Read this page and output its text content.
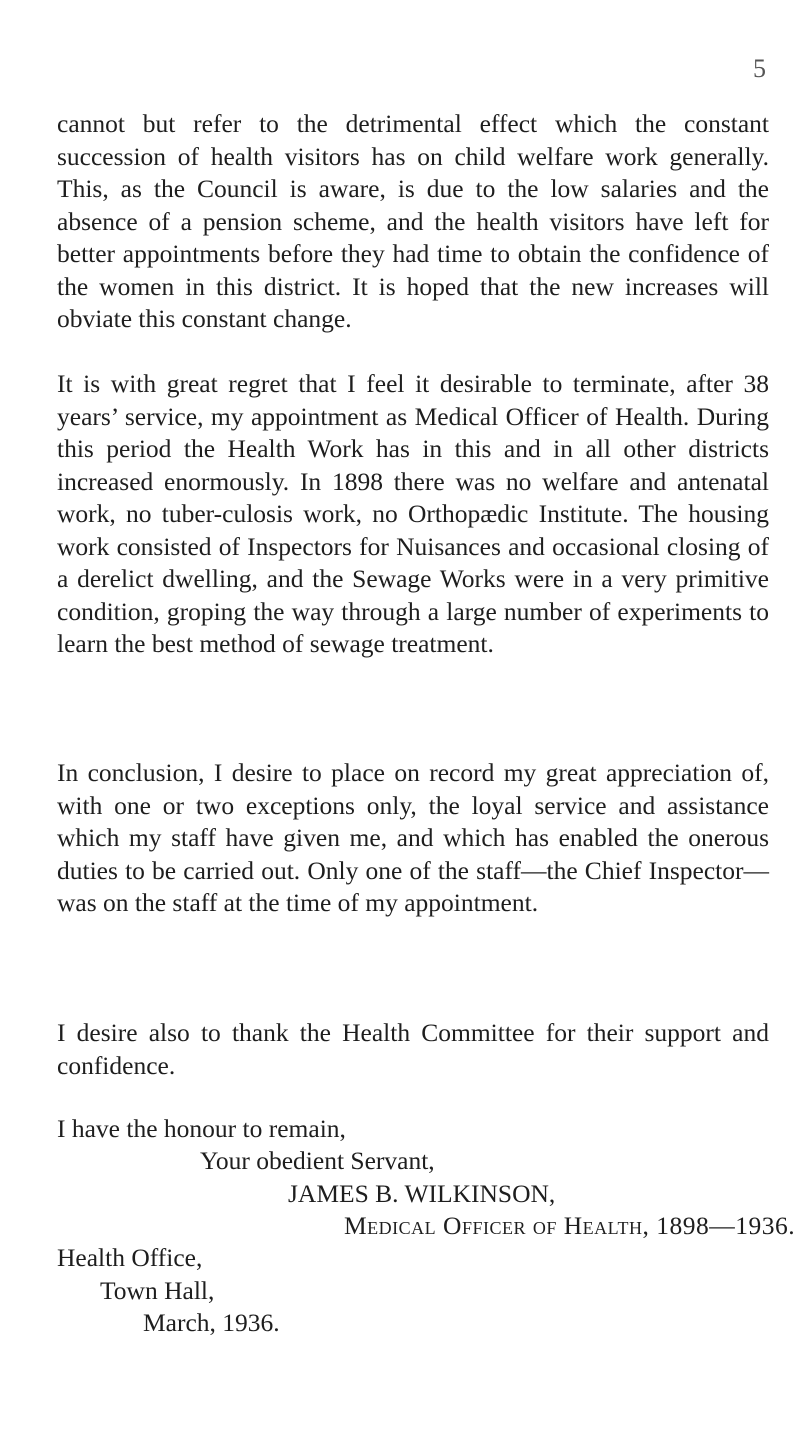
5

cannot but refer to the detrimental effect which the constant succession of health visitors has on child welfare work generally. This, as the Council is aware, is due to the low salaries and the absence of a pension scheme, and the health visitors have left for better appointments before they had time to obtain the confidence of the women in this district. It is hoped that the new increases will obviate this constant change.

It is with great regret that I feel it desirable to terminate, after 38 years’ service, my appointment as Medical Officer of Health. During this period the Health Work has in this and in all other districts increased enormously. In 1898 there was no welfare and antenatal work, no tuber-culosis work, no Orthopædic Institute. The housing work consisted of Inspectors for Nuisances and occasional closing of a derelict dwelling, and the Sewage Works were in a very primitive condition, groping the way through a large number of experiments to learn the best method of sewage treatment.

In conclusion, I desire to place on record my great appreciation of, with one or two exceptions only, the loyal service and assistance which my staff have given me, and which has enabled the onerous duties to be carried out. Only one of the staff—the Chief Inspector—was on the staff at the time of my appointment.

I desire also to thank the Health Committee for their support and confidence.

I have the honour to remain,
Your obedient Servant,
JAMES B. WILKINSON,
Medical Officer of Health, 1898—1936.
Health Office,
Town Hall,
March, 1936.
